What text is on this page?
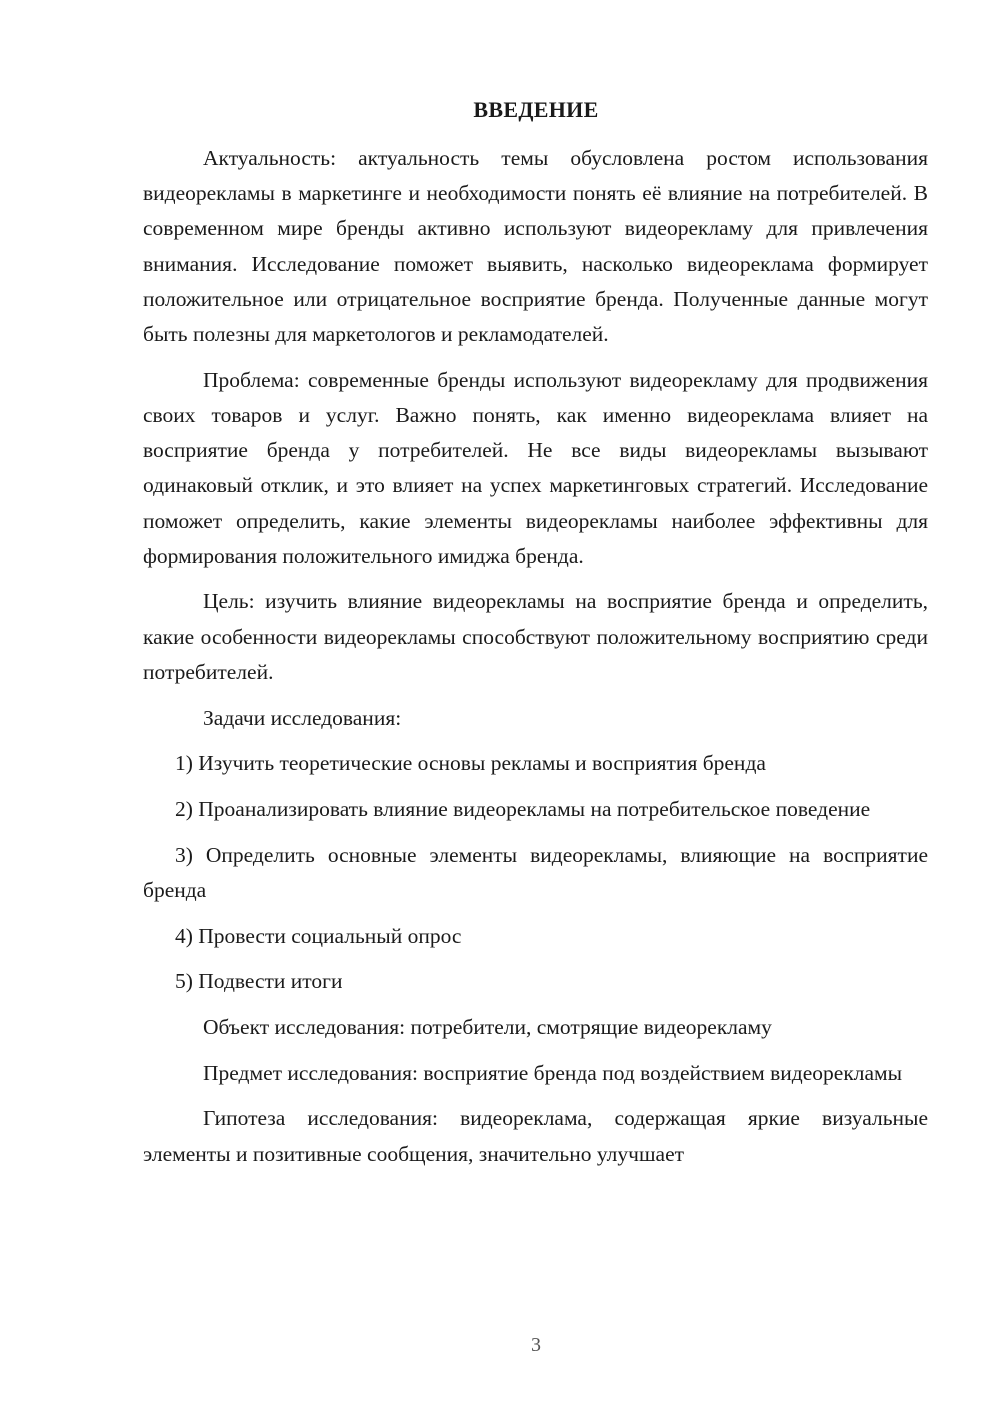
ВВЕДЕНИЕ

Актуальность: актуальность темы обусловлена ростом использования видеорекламы в маркетинге и необходимости понять её влияние на потребителей. В современном мире бренды активно используют видеорекламу для привлечения внимания. Исследование поможет выявить, насколько видеореклама формирует положительное или отрицательное восприятие бренда. Полученные данные могут быть полезны для маркетологов и рекламодателей.

Проблема: современные бренды используют видеорекламу для продвижения своих товаров и услуг. Важно понять, как именно видеореклама влияет на восприятие бренда у потребителей. Не все виды видеорекламы вызывают одинаковый отклик, и это влияет на успех маркетинговых стратегий. Исследование поможет определить, какие элементы видеорекламы наиболее эффективны для формирования положительного имиджа бренда.

Цель: изучить влияние видеорекламы на восприятие бренда и определить, какие особенности видеорекламы способствуют положительному восприятию среди потребителей.

Задачи исследования:

1) Изучить теоретические основы рекламы и восприятия бренда

2) Проанализировать влияние видеорекламы на потребительское поведение

3) Определить основные элементы видеорекламы, влияющие на восприятие бренда

4) Провести социальный опрос

5) Подвести итоги

Объект исследования: потребители, смотрящие видеорекламу

Предмет исследования: восприятие бренда под воздействием видеорекламы

Гипотеза исследования: видеореклама, содержащая яркие визуальные элементы и позитивные сообщения, значительно улучшает

3
